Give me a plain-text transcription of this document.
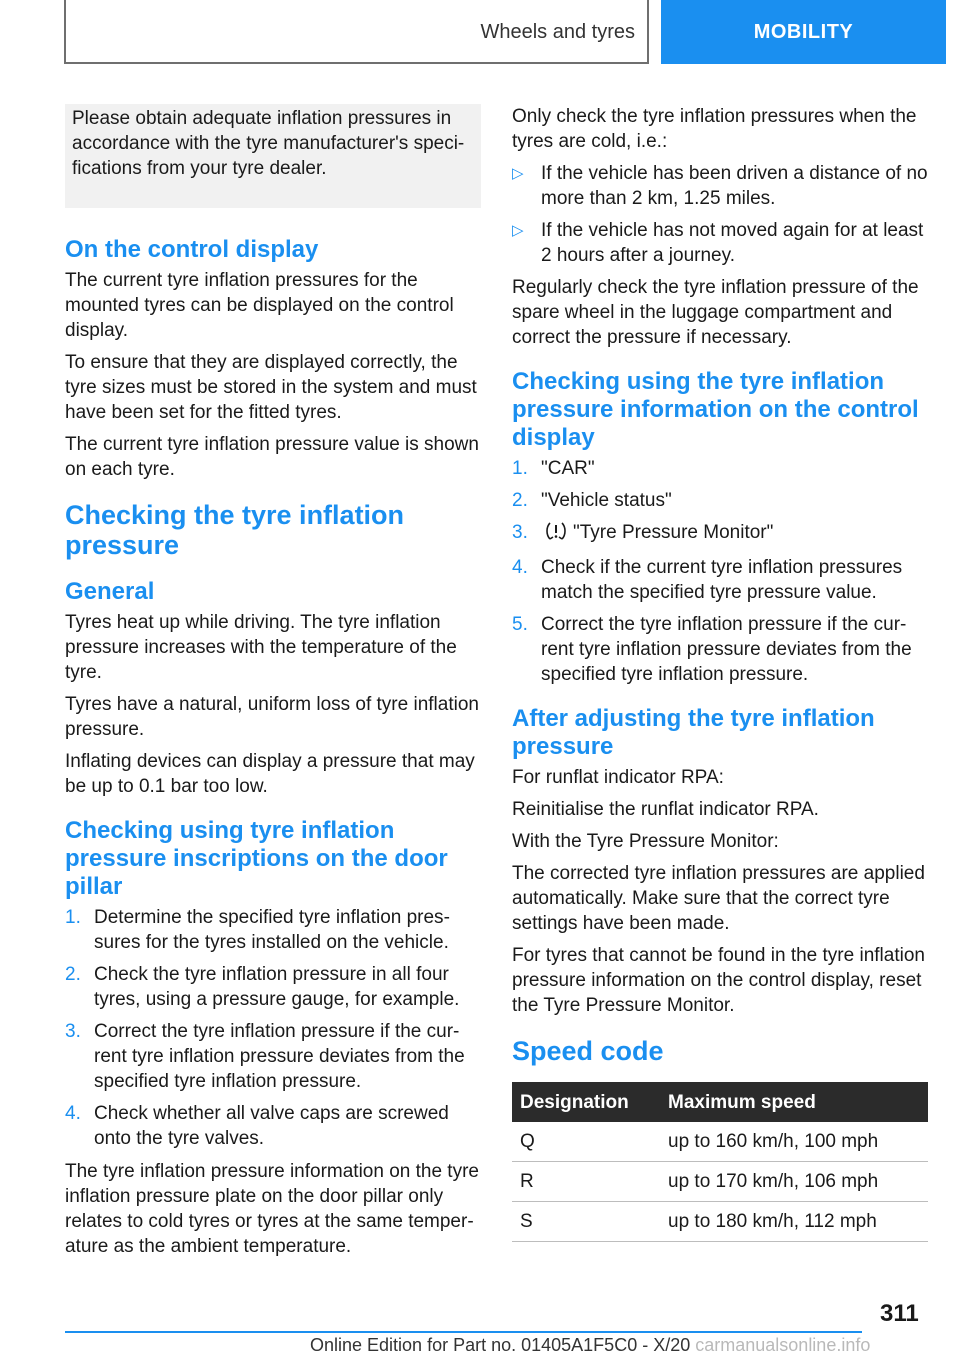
Wheels and tyres	MOBILITY

Please obtain adequate inflation pressures in accordance with the tyre manufacturer's specifications from your tyre dealer.

On the control display

The current tyre inflation pressures for the mounted tyres can be displayed on the control display.

To ensure that they are displayed correctly, the tyre sizes must be stored in the system and must have been set for the fitted tyres.

The current tyre inflation pressure value is shown on each tyre.

Checking the tyre inflation pressure
General

Tyres heat up while driving. The tyre inflation pressure increases with the temperature of the tyre.

Tyres have a natural, uniform loss of tyre inflation pressure.

Inflating devices can display a pressure that may be up to 0.1 bar too low.

Checking using tyre inflation pressure inscriptions on the door pillar
1. Determine the specified tyre inflation pressures for the tyres installed on the vehicle.
2. Check the tyre inflation pressure in all four tyres, using a pressure gauge, for example.
3. Correct the tyre inflation pressure if the current tyre inflation pressure deviates from the specified tyre inflation pressure.
4. Check whether all valve caps are screwed onto the tyre valves.

The tyre inflation pressure information on the tyre inflation pressure plate on the door pillar only relates to cold tyres or tyres at the same temperature as the ambient temperature.

Only check the tyre inflation pressures when the tyres are cold, i.e.:

▷ If the vehicle has been driven a distance of no more than 2 km, 1.25 miles.
▷ If the vehicle has not moved again for at least 2 hours after a journey.

Regularly check the tyre inflation pressure of the spare wheel in the luggage compartment and correct the pressure if necessary.

Checking using the tyre inflation pressure information on the control display
1. "CAR"
2. "Vehicle status"
3. "Tyre Pressure Monitor"
4. Check if the current tyre inflation pressures match the specified tyre pressure value.
5. Correct the tyre inflation pressure if the current tyre inflation pressure deviates from the specified tyre inflation pressure.
After adjusting the tyre inflation pressure

For runflat indicator RPA:

Reinitialise the runflat indicator RPA.

With the Tyre Pressure Monitor:

The corrected tyre inflation pressures are applied automatically. Make sure that the correct tyre settings have been made.

For tyres that cannot be found in the tyre inflation pressure information on the control display, reset the Tyre Pressure Monitor.

Speed code
Designation	Maximum speed
Q	up to 160 km/h, 100 mph
R	up to 170 km/h, 106 mph
S	up to 180 km/h, 112 mph
311
Online Edition for Part no. 01405A1F5C0 - X/20 carmanualsonline.info
